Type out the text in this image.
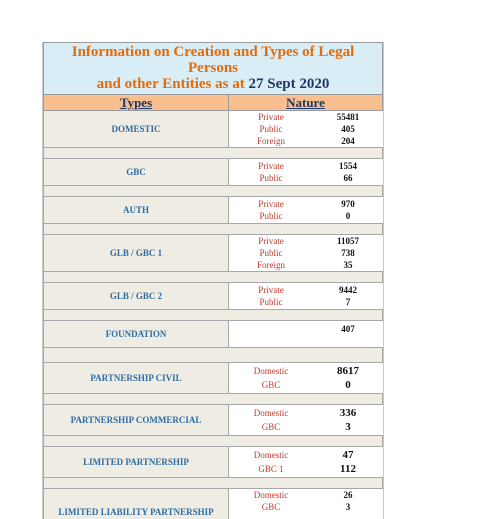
Information on Creation and Types of Legal Persons
and other Entities as at 27 Sept 2020
Types	Nature
DOMESTIC
Private	55481
Public	405
Foreign	204
GBC
Private	1554
Public	66
AUTH
Private	970
Public	0
GLB / GBC 1
Private	11057
Public	738
Foreign	35
GLB / GBC 2
Private	9442
Public	7
FOUNDATION	407
PARTNERSHIP CIVIL
Domestic	8617
GBC	0
PARTNERSHIP COMMERCIAL
Domestic	336
GBC	3
LIMITED PARTNERSHIP
Domestic	47
GBC 1	112
LIMITED LIABILITY PARTNERSHIP
Domestic	26
GBC	3
